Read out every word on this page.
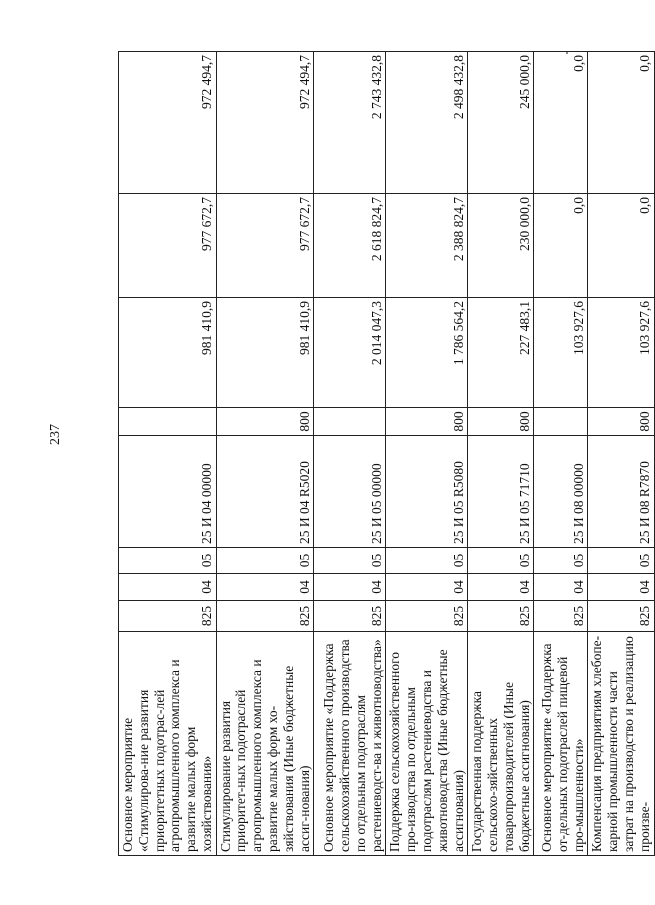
237
Основное мероприятие «Стимулирова-ние развития приоритетных подотрас-лей агропромышленного комплекса и развитие малых форм хозяйствования»	825	04	05	25 И 04 00000		981 410,9	977 672,7	972 494,7
Стимулирование развития приоритет-ных подотраслей агропромышленного комплекса и развитие малых форм хо-зяйствования (Иные бюджетные ассиг-нования)	825	04	05	25 И 04 R5020	800	981 410,9	977 672,7	972 494,7
Основное мероприятие «Поддержка сельскохозяйственного производства по отдельным подотраслям растениеводст-ва и животноводства»	825	04	05	25 И 05 00000		2 014 047,3	2 618 824,7	2 743 432,8
Поддержка сельскохозяйственного про-изводства по отдельным подотраслям растениеводства и животноводства (Иные бюджетные ассигнования)	825	04	05	25 И 05 R5080	800	1 786 564,2	2 388 824,7	2 498 432,8
Государственная поддержка сельскохо-зяйственных товаропроизводителей (Иные бюджетные ассигнования)	825	04	05	25 И 05 71710	800	227 483,1	230 000,0	245 000,0
Основное мероприятие «Поддержка от-дельных подотраслей пищевой про-мышленности»	825	04	05	25 И 08 00000		103 927,6	0,0	0,0
Компенсация предприятиям хлебопе-карной промышленности части затрат на производство и реализацию произве-	825	04	05	25 И 08 R7870	800	103 927,6	0,0	0,0
